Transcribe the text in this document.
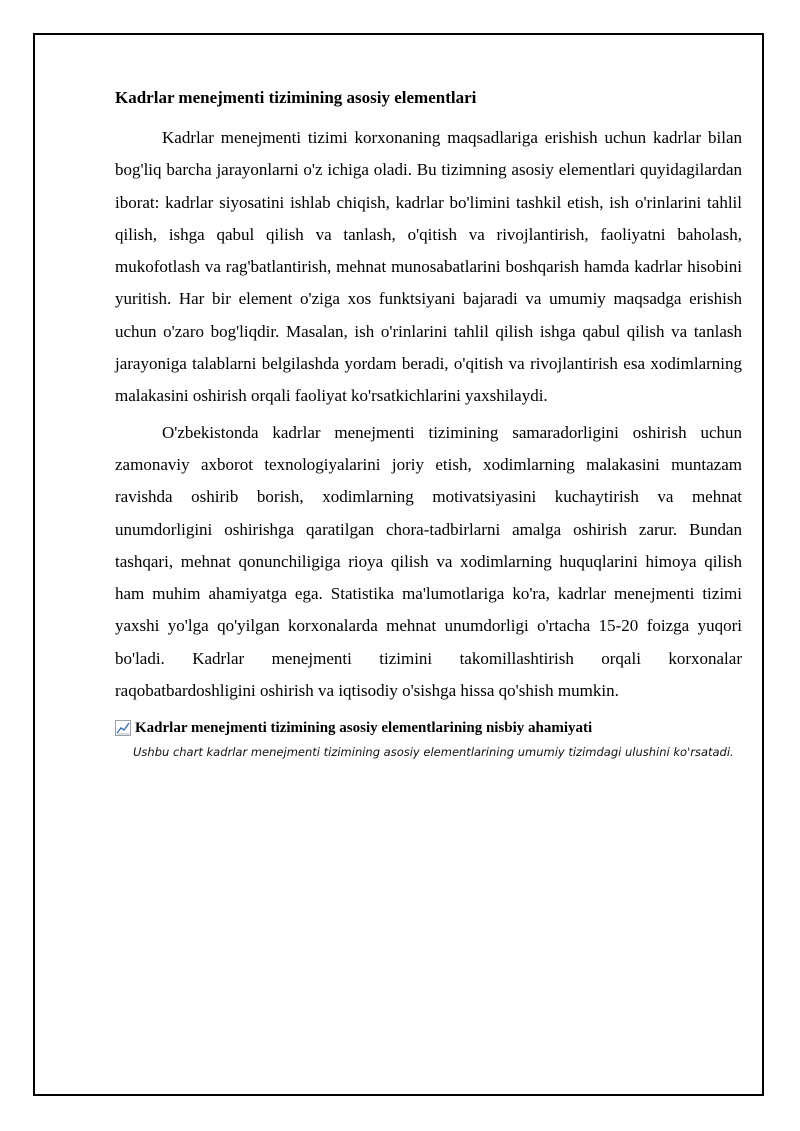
Kadrlar menejmenti tizimining asosiy elementlari

Kadrlar menejmenti tizimi korxonaning maqsadlariga erishish uchun kadrlar bilan bog'liq barcha jarayonlarni o'z ichiga oladi. Bu tizimning asosiy elementlari quyidagilardan iborat: kadrlar siyosatini ishlab chiqish, kadrlar bo'limini tashkil etish, ish o'rinlarini tahlil qilish, ishga qabul qilish va tanlash, o'qitish va rivojlantirish, faoliyatni baholash, mukofotlash va rag'batlantirish, mehnat munosabatlarini boshqarish hamda kadrlar hisobini yuritish. Har bir element o'ziga xos funktsiyani bajaradi va umumiy maqsadga erishish uchun o'zaro bog'liqdir. Masalan, ish o'rinlarini tahlil qilish ishga qabul qilish va tanlash jarayoniga talablarni belgilashda yordam beradi, o'qitish va rivojlantirish esa xodimlarning malakasini oshirish orqali faoliyat ko'rsatkichlarini yaxshilaydi.

O'zbekistonda kadrlar menejmenti tizimining samaradorligini oshirish uchun zamonaviy axborot texnologiyalarini joriy etish, xodimlarning malakasini muntazam ravishda oshirib borish, xodimlarning motivatsiyasini kuchaytirish va mehnat unumdorligini oshirishga qaratilgan chora-tadbirlarni amalga oshirish zarur. Bundan tashqari, mehnat qonunchiligiga rioya qilish va xodimlarning huquqlarini himoya qilish ham muhim ahamiyatga ega. Statistika ma'lumotlariga ko'ra, kadrlar menejmenti tizimi yaxshi yo'lga qo'yilgan korxonalarda mehnat unumdorligi o'rtacha 15-20 foizga yuqori bo'ladi. Kadrlar menejmenti tizimini takomillashtirish orqali korxonalar raqobatbardoshligini oshirish va iqtisodiy o'sishga hissa qo'shish mumkin.

Kadrlar menejmenti tizimining asosiy elementlarining nisbiy ahamiyati
Ushbu chart kadrlar menejmenti tizimining asosiy elementlarining umumiy tizimdagi ulushini ko'rsatadi.
